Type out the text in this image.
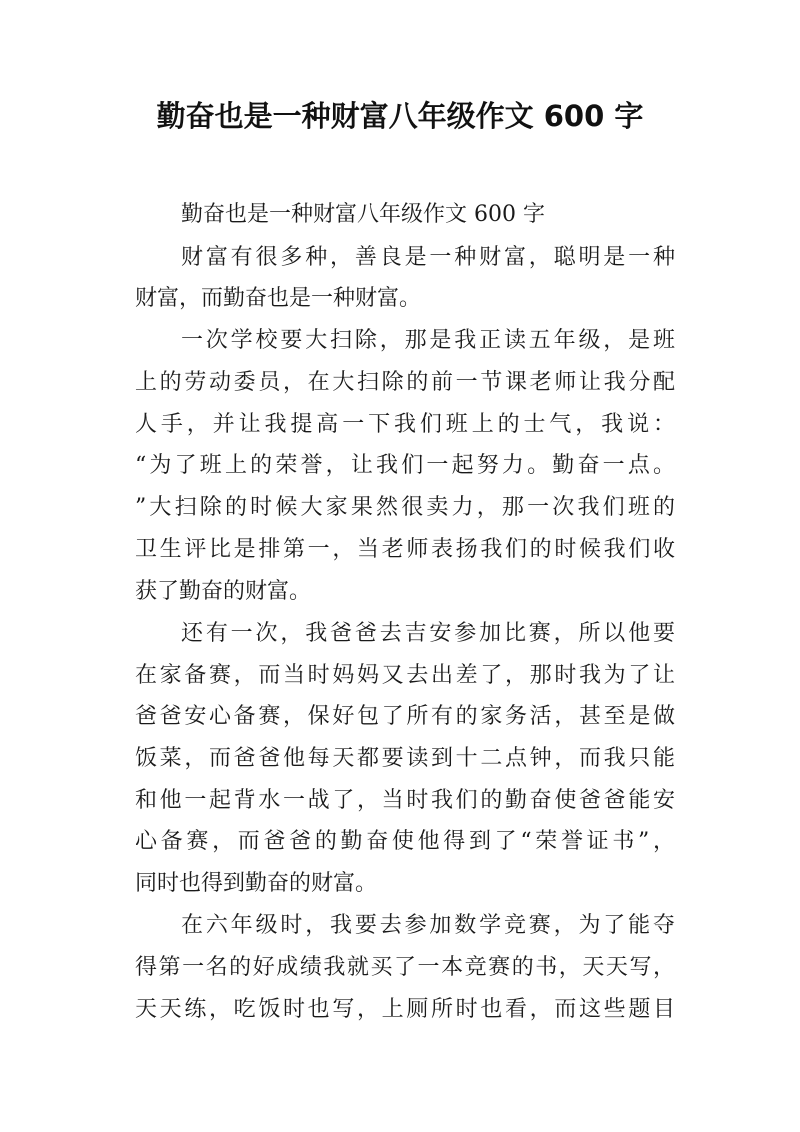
勤奋也是一种财富八年级作文 600 字

勤奋也是一种财富八年级作文 600 字

财富有很多种，善良是一种财富，聪明是一种

财富，而勤奋也是一种财富。

一次学校要大扫除，那是我正读五年级，是班

上的劳动委员，在大扫除的前一节课老师让我分配

人手，并让我提高一下我们班上的士气，我说：

“为了班上的荣誉，让我们一起努力。勤奋一点。

”大扫除的时候大家果然很卖力，那一次我们班的

卫生评比是排第一，当老师表扬我们的时候我们收

获了勤奋的财富。

还有一次，我爸爸去吉安参加比赛，所以他要

在家备赛，而当时妈妈又去出差了，那时我为了让

爸爸安心备赛，保好包了所有的家务活，甚至是做

饭菜，而爸爸他每天都要读到十二点钟，而我只能

和他一起背水一战了，当时我们的勤奋使爸爸能安

心备赛，而爸爸的勤奋使他得到了“荣誉证书”，

同时也得到勤奋的财富。

在六年级时，我要去参加数学竞赛，为了能夺

得第一名的好成绩我就买了一本竞赛的书，天天写，

天天练，吃饭时也写，上厕所时也看，而这些题目
